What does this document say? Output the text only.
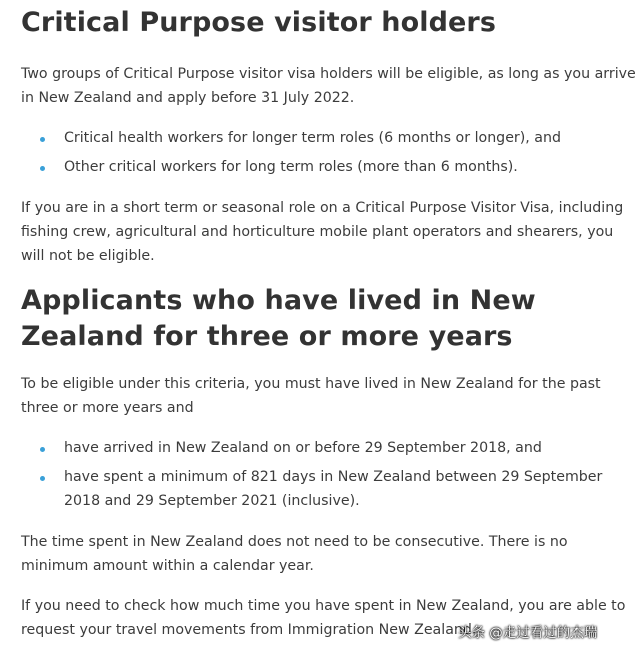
Critical Purpose visitor holders

Two groups of Critical Purpose visitor visa holders will be eligible, as long as you arrive in New Zealand and apply before 31 July 2022.

Critical health workers for longer term roles (6 months or longer), and
Other critical workers for long term roles (more than 6 months).

If you are in a short term or seasonal role on a Critical Purpose Visitor Visa, including fishing crew, agricultural and horticulture mobile plant operators and shearers, you will not be eligible.

Applicants who have lived in New Zealand for three or more years

To be eligible under this criteria, you must have lived in New Zealand for the past three or more years and

have arrived in New Zealand on or before 29 September 2018, and
have spent a minimum of 821 days in New Zealand between 29 September 2018 and 29 September 2021 (inclusive).

The time spent in New Zealand does not need to be consecutive. There is no minimum amount within a calendar year.

If you need to check how much time you have spent in New Zealand, you are able to request your travel movements from Immigration New Zealand.

头条 @走过看过的杰瑞
